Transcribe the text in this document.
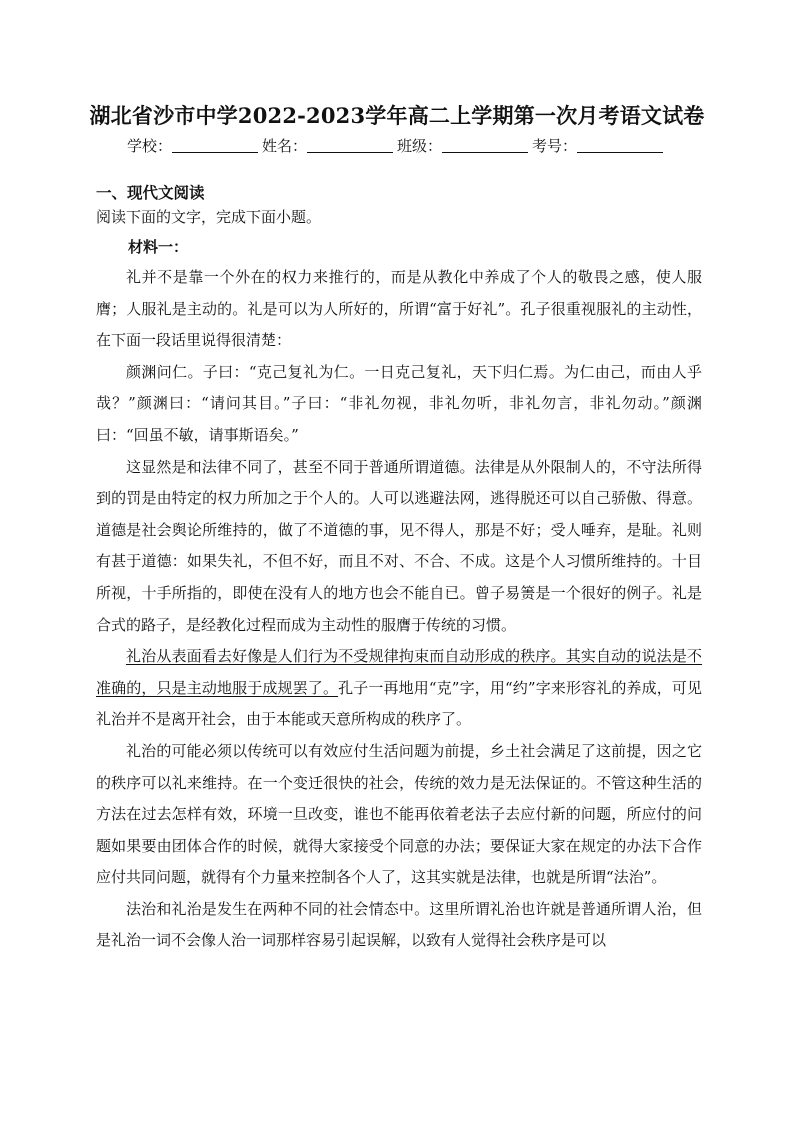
湖北省沙市中学2022-2023学年高二上学期第一次月考语文试卷
学校：	姓名：	班级：	考号：
一、现代文阅读

阅读下面的文字，完成下面小题。

材料一：

礼并不是靠一个外在的权力来推行的，而是从教化中养成了个人的敬畏之感，使人服膺；人服礼是主动的。礼是可以为人所好的，所谓“富于好礼”。孔子很重视服礼的主动性，在下面一段话里说得很清楚：

颜渊问仁。子曰：“克己复礼为仁。一日克己复礼，天下归仁焉。为仁由己，而由人乎哉？”颜渊曰：“请问其目。”子曰：“非礼勿视，非礼勿听，非礼勿言，非礼勿动。”颜渊曰：“回虽不敏，请事斯语矣。”

这显然是和法律不同了，甚至不同于普通所谓道德。法律是从外限制人的，不守法所得到的罚是由特定的权力所加之于个人的。人可以逃避法网，逃得脱还可以自己骄傲、得意。道德是社会舆论所维持的，做了不道德的事，见不得人，那是不好；受人唾弃，是耻。礼则有甚于道德：如果失礼，不但不好，而且不对、不合、不成。这是个人习惯所维持的。十目所视，十手所指的，即使在没有人的地方也会不能自已。曾子易箦是一个很好的例子。礼是合式的路子，是经教化过程而成为主动性的服膺于传统的习惯。

礼治从表面看去好像是人们行为不受规律拘束而自动形成的秩序。其实自动的说法是不准确的，只是主动地服于成规罢了。孔子一再地用“克”字，用“约”字来形容礼的养成，可见礼治并不是离开社会，由于本能或天意所构成的秩序了。

礼治的可能必须以传统可以有效应付生活问题为前提，乡土社会满足了这前提，因之它的秩序可以礼来维持。在一个变迁很快的社会，传统的效力是无法保证的。不管这种生活的方法在过去怎样有效，环境一旦改变，谁也不能再依着老法子去应付新的问题，所应付的问题如果要由团体合作的时候，就得大家接受个同意的办法；要保证大家在规定的办法下合作应付共同问题，就得有个力量来控制各个人了，这其实就是法律，也就是所谓“法治”。

法治和礼治是发生在两种不同的社会情态中。这里所谓礼治也许就是普通所谓人治，但是礼治一词不会像人治一词那样容易引起误解，以致有人觉得社会秩序是可以
